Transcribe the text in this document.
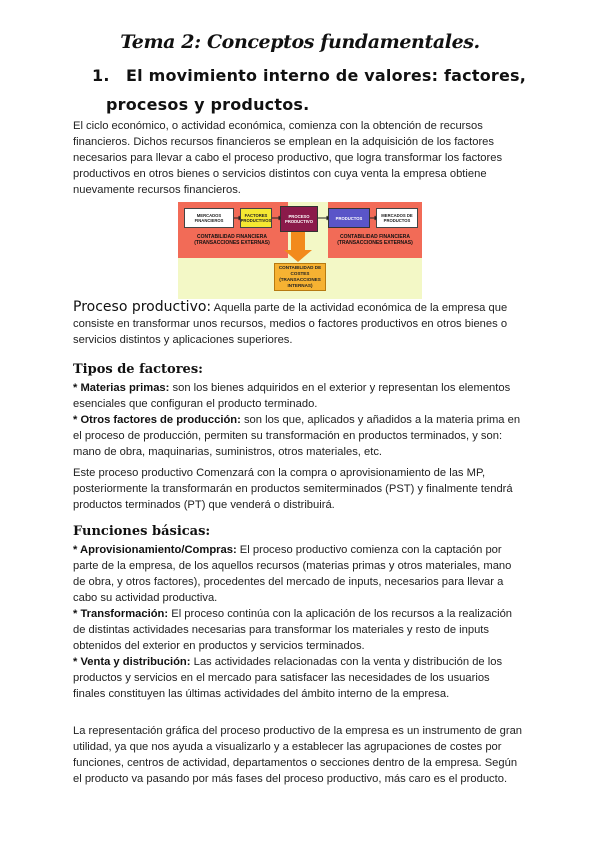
Tema 2: Conceptos fundamentales.
1. El movimiento interno de valores: factores,
procesos y productos.

El ciclo económico, o actividad económica, comienza con la obtención de recursos financieros. Dichos recursos financieros se emplean en la adquisición de los factores necesarios para llevar a cabo el proceso productivo, que logra transformar los factores productivos en otros bienes o servicios distintos con cuya venta la empresa obtiene nuevamente recursos financieros.

MERCADOS FINANCIEROS
FACTORES PRODUCTIVOS
PROCESO PRODUCTIVO
PRODUCTOS	MERCADOS DE PRODUCTOS
CONTABILIDAD FINANCIERA (TRANSACCIONES EXTERNAS)
CONTABILIDAD FINANCIERA (TRANSACCIONES EXTERNAS)
CONTABILIDAD DE COSTES (TRANSACCIONES INTERNAS)

Proceso productivo: Aquella parte de la actividad económica de la empresa que consiste en transformar unos recursos, medios o factores productivos en otros bienes o servicios distintos y aplicaciones superiores.

Tipos de factores:

* Materias primas: son los bienes adquiridos en el exterior y representan los elementos esenciales que configuran el producto terminado.

* Otros factores de producción: son los que, aplicados y añadidos a la materia prima en el proceso de producción, permiten su transformación en productos terminados, y son: mano de obra, maquinarias, suministros, otros materiales, etc.

Este proceso productivo Comenzará con la compra o aprovisionamiento de las MP, posteriormente la transformarán en productos semiterminados (PST) y finalmente tendrá productos terminados (PT) que venderá o distribuirá.

Funciones básicas:

* Aprovisionamiento/Compras: El proceso productivo comienza con la captación por parte de la empresa, de los aquellos recursos (materias primas y otros materiales, mano de obra, y otros factores), procedentes del mercado de inputs, necesarios para llevar a cabo su actividad productiva.

* Transformación: El proceso continúa con la aplicación de los recursos a la realización de distintas actividades necesarias para transformar los materiales y resto de inputs obtenidos del exterior en productos y servicios terminados.

* Venta y distribución: Las actividades relacionadas con la venta y distribución de los productos y servicios en el mercado para satisfacer las necesidades de los usuarios finales constituyen las últimas actividades del ámbito interno de la empresa.

La representación gráfica del proceso productivo de la empresa es un instrumento de gran utilidad, ya que nos ayuda a visualizarlo y a establecer las agrupaciones de costes por funciones, centros de actividad, departamentos o secciones dentro de la empresa. Según el producto va pasando por más fases del proceso productivo, más caro es el producto.
